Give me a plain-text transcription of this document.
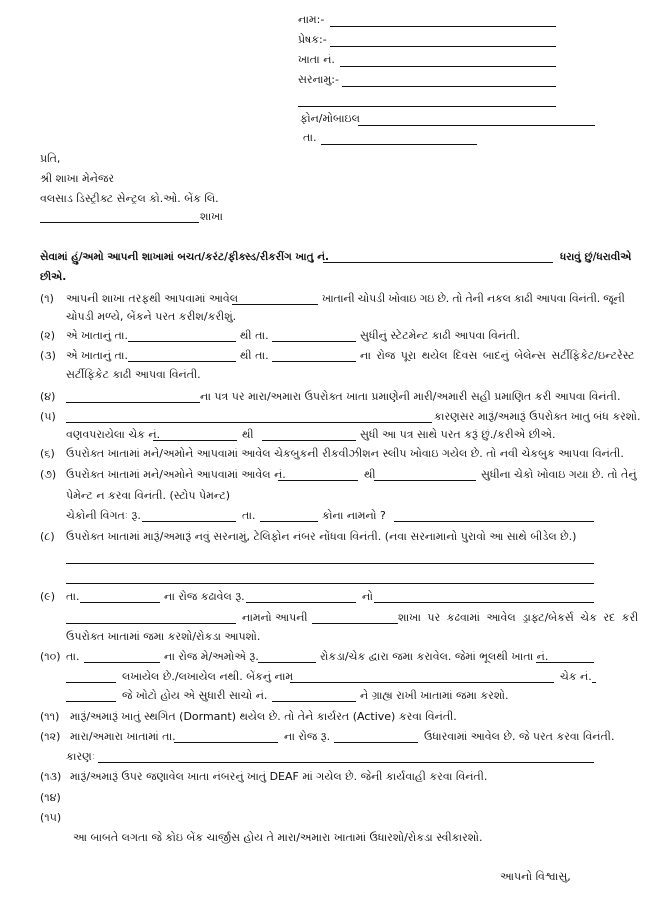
નામ:-
પ્રેષક:-
ખાતા નં.
સરનામુ:-
ફોન/મોબાઇલ
તા.
પ્રતિ,
શ્રી શાખા મેનેજર
વલસાડ ડિસ્ટ્રીક્ટ સેન્ટ્રલ કો.ઓ. બેંક લિ.
શાખા
સેવામાં હું/અમો આપની શાખામાં બચત/કરંટ/ફીક્સ્ડ/રીકરીંગ ખાતુ નં.	ધરાવું છું/ધરાવીએ
છીએ.
(૧) આપની શાખા તરફથી આપવામાં આવેલ	ખાતાની ચોપડી ખોવાઇ ગઇ છે. તો તેની નકલ કાઢી આપવા વિનંતી. જૂની
ચોપડી મળ્યે, બેંકને પરત કરીશ/કરીશું.
(૨) એ ખાતાનું તા.	થી તા.	સુધીનું સ્ટેટમેન્ટ કાઢી આપવા વિનંતી.
(૩) એ ખાતાનું તા.	થી તા.	ના રોજ પૂરા થયેલ દિવસ બાદનું બેલેન્સ સર્ટીફિકેટ/ઇન્ટરેસ્ટ
સર્ટીફિકેટ કાઢી આપવા વિનંતી.
(૪)	ના પત્ર પર મારા/અમારા ઉપરોક્ત ખાતા પ્રમાણેની મારી/અમારી સહી પ્રમાણિત કરી આપવા વિનંતી.
(૫)	કારણસર મારૂં/અમારૂં ઉપરોક્ત ખાતુ બંધ કરશો.
વણવપરાયેલા ચેક નં.	થી	સુધી આ પત્ર સાથે પરત કરૂં છું./કરીએ છીએ.
(૬) ઉપરોક્ત ખાતામાં મને/અમોને આપવામાં આવેલ ચેકબુકની રીકવીઝીશન સ્લીપ ખોવાઇ ગયેલ છે. તો નવી ચેકબુક આપવા વિનંતી.
(૭) ઉપરોક્ત ખાતામાં મને/અમોને આપવામાં આવેલ નં.	થી	સુધીના ચેકો ખોવાઇ ગયા છે. તો તેનું
પેમેન્ટ ન કરવા વિનંતી. (સ્ટોપ પેમન્ટ)
ચેકોની વિગતઃ રૂ.	તા.	કોના નામનો ?
(૮) ઉપરોક્ત ખાતામાં મારૂં/અમારૂં નવું સરનામું, ટેલિફોન નંબર નોંધવા વિનંતી. (નવા સરનામાનો પુરાવો આ સાથે બીડેલ છે.)
(૯) તા.	ના રોજ કઢાવેલ રૂ.	નો
નામનો આપની	શાખા પર કઢવામાં આવેલ ડ્રાફ્ટ/બેકર્સ ચેક રદ કરી
ઉપરોક્ત ખાતામાં જમા કરશો/રોકડા આપશો.
(૧૦) તા.	ના રોજ મે/અમોએ રૂ.	રોકડા/ચેક દ્વારા જમા કરાવેલ. જેમાં ભૂલથી ખાતા નં.
લખાયેલ છે./લખાયેલ નથી. બેંકનું નામ	ચેક નં.
જે ખોટો હોય એ સુધારી સાચો નં.	ને ગ્રાહ્ય રાખી ખાતામાં જમા કરશો.
(૧૧) મારૂં/અમારૂં ખાતું સ્થગિત (Dormant) થયેલ છે. તો તેને કાર્યરત (Active) કરવા વિનંતી.
(૧૨) મારા/અમારા ખાતામાં તા.	ના રોજ રૂ.	ઉધારવામાં આવેલ છે. જે પરત કરવા વિનંતી.
કારણઃ
(૧૩) મારૂં/અમારૂં ઉપર જણાવેલ ખાતા નંબરનું ખાતું DEAF માં ગયેલ છે. જેની કાર્યવાહી કરવા વિનંતી.
(૧૪)
(૧૫)
આ બાબતે લગતા જે કોઇ બેંક ચાર્જીસ હોય તે મારા/અમારા ખાતામાં ઉધારશો/રોકડા સ્વીકારશો.
આપનો વિશ્વાસુ,
